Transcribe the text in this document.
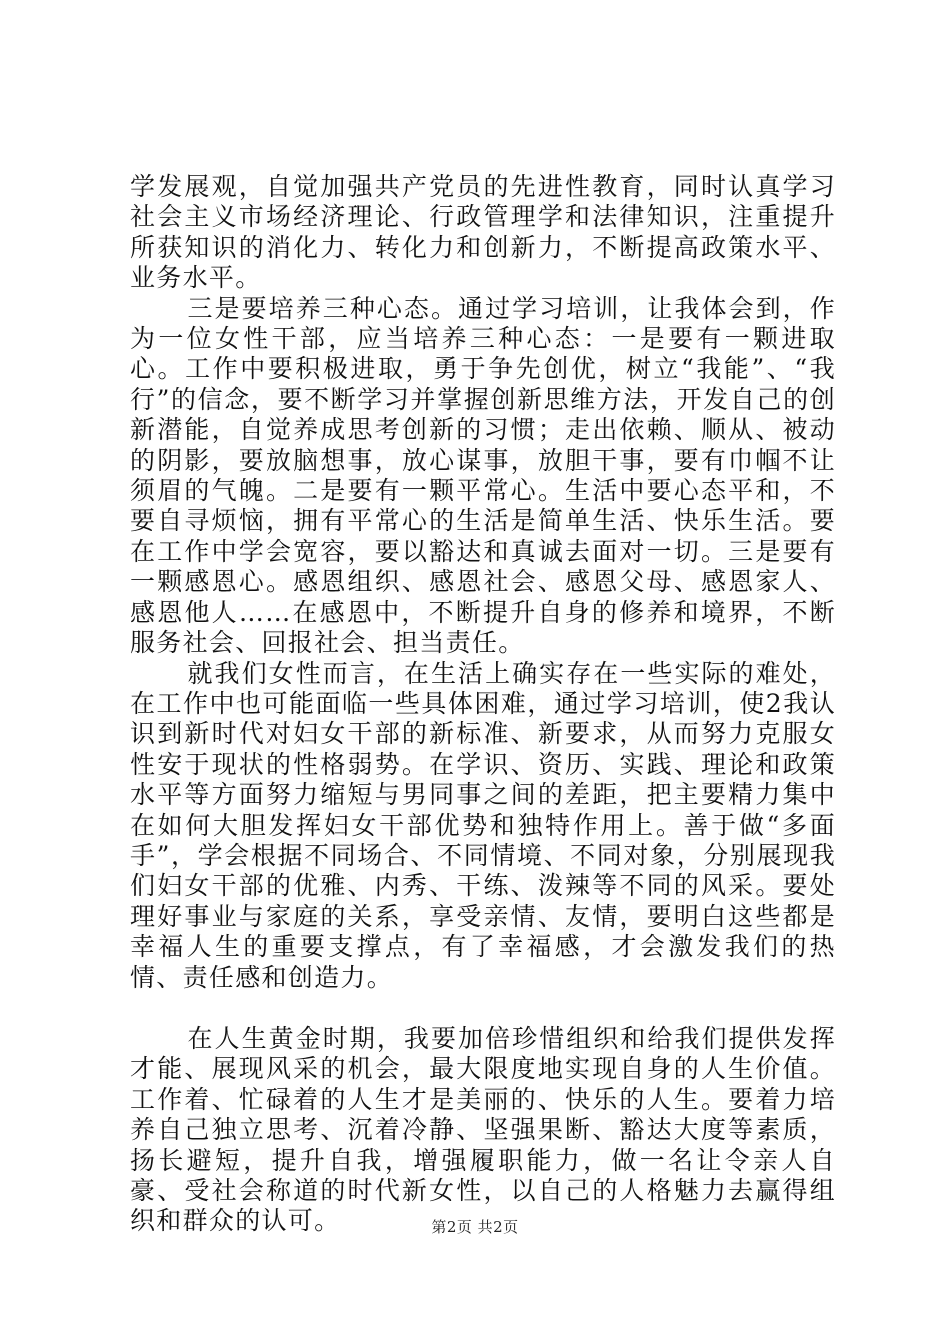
学发展观，自觉加强共产党员的先进性教育，同时认真学习社会主义市场经济理论、行政管理学和法律知识，注重提升所获知识的消化力、转化力和创新力，不断提高政策水平、业务水平。

三是要培养三种心态。通过学习培训，让我体会到，作为一位女性干部，应当培养三种心态：一是要有一颗进取心。工作中要积极进取，勇于争先创优，树立“我能”、“我行”的信念，要不断学习并掌握创新思维方法，开发自己的创新潜能，自觉养成思考创新的习惯；走出依赖、顺从、被动的阴影，要放脑想事，放心谋事，放胆干事，要有巾帼不让须眉的气魄。二是要有一颗平常心。生活中要心态平和，不要自寻烦恼，拥有平常心的生活是简单生活、快乐生活。要在工作中学会宽容，要以豁达和真诚去面对一切。三是要有一颗感恩心。感恩组织、感恩社会、感恩父母、感恩家人、感恩他人……在感恩中，不断提升自身的修养和境界，不断服务社会、回报社会、担当责任。

就我们女性而言，在生活上确实存在一些实际的难处，在工作中也可能面临一些具体困难，通过学习培训，使2我认识到新时代对妇女干部的新标准、新要求，从而努力克服女性安于现状的性格弱势。在学识、资历、实践、理论和政策水平等方面努力缩短与男同事之间的差距，把主要精力集中在如何大胆发挥妇女干部优势和独特作用上。善于做“多面手”，学会根据不同场合、不同情境、不同对象，分别展现我们妇女干部的优雅、内秀、干练、泼辣等不同的风采。要处理好事业与家庭的关系，享受亲情、友情，要明白这些都是幸福人生的重要支撑点，有了幸福感，才会激发我们的热情、责任感和创造力。

在人生黄金时期，我要加倍珍惜组织和给我们提供发挥才能、展现风采的机会，最大限度地实现自身的人生价值。工作着、忙碌着的人生才是美丽的、快乐的人生。要着力培养自己独立思考、沉着冷静、坚强果断、豁达大度等素质，扬长避短，提升自我，增强履职能力，做一名让令亲人自豪、受社会称道的时代新女性，以自己的人格魅力去赢得组织和群众的认可。	第2页 共2页
